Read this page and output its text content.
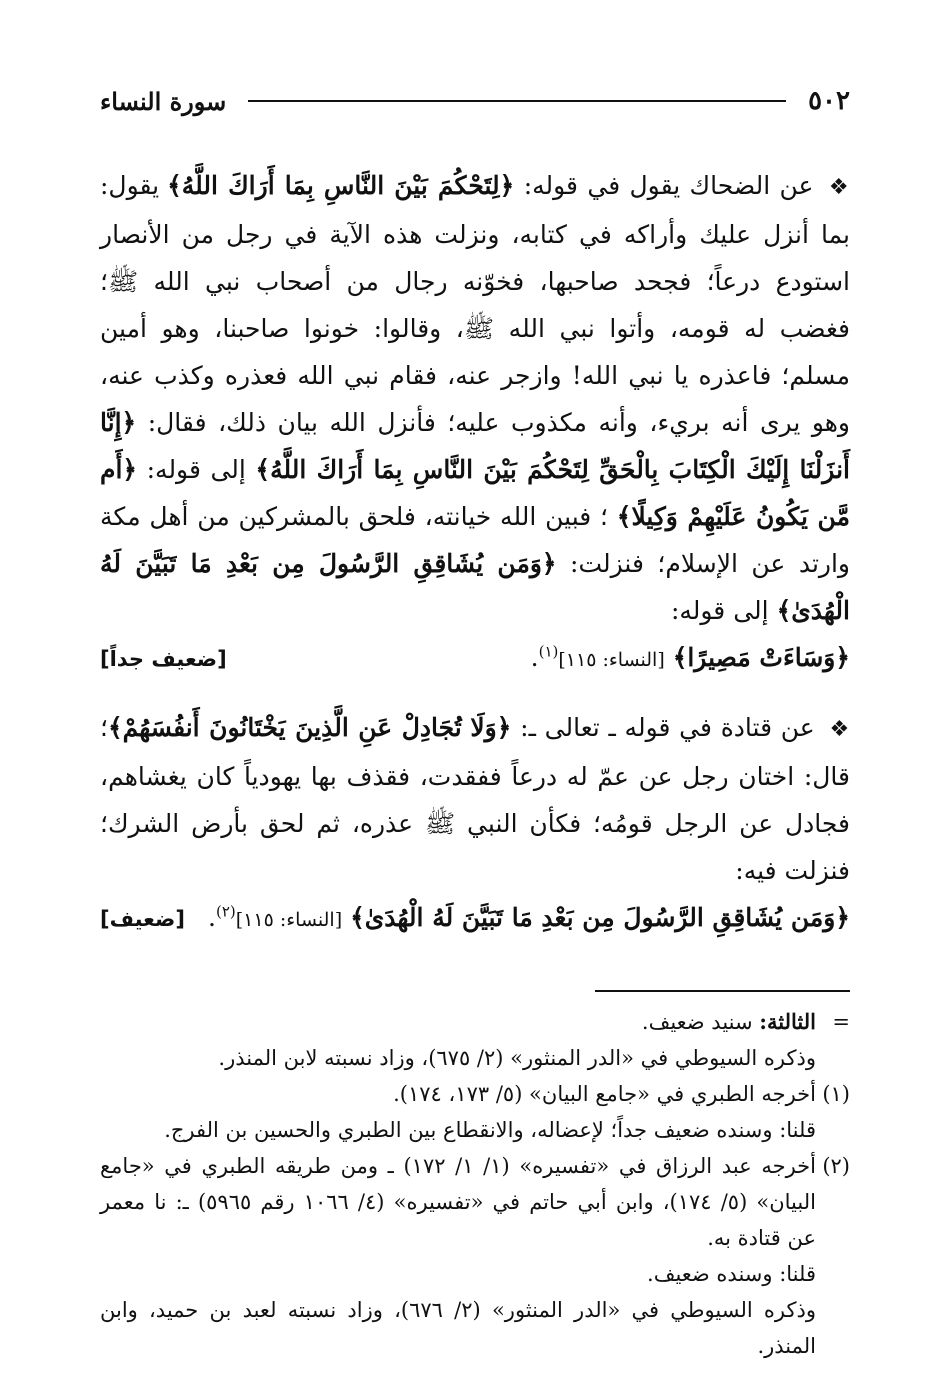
٥٠٢
سورة النساء
❖ عن الضحاك يقول في قوله: ﴿لِتَحْكُمَ بَيْنَ النَّاسِ بِمَا أَرَاكَ اللَّهُ﴾ يقول: بما أنزل عليك وأراكه في كتابه، ونزلت هذه الآية في رجل من الأنصار استودع درعاً؛ فجحد صاحبها، فخوّنه رجال من أصحاب نبي الله ﷺ؛ فغضب له قومه، وأتوا نبي الله ﷺ، وقالوا: خونوا صاحبنا، وهو أمين مسلم؛ فاعذره يا نبي الله! وازجر عنه، فقام نبي الله فعذره وكذب عنه، وهو يرى أنه بريء، وأنه مكذوب عليه؛ فأنزل الله بيان ذلك، فقال: ﴿إِنَّا أَنزَلْنَا إِلَيْكَ الْكِتَابَ بِالْحَقِّ لِتَحْكُمَ بَيْنَ النَّاسِ بِمَا أَرَاكَ اللَّهُ﴾ إلى قوله: ﴿أَم مَّن يَكُونُ عَلَيْهِمْ وَكِيلًا﴾ ؛ فبين الله خيانته، فلحق بالمشركين من أهل مكة وارتد عن الإسلام؛ فنزلت: ﴿وَمَن يُشَاقِقِ الرَّسُولَ مِن بَعْدِ مَا تَبَيَّنَ لَهُ الْهُدَىٰ﴾ إلى قوله:
﴿وَسَاءَتْ مَصِيرًا﴾ [النساء: ١١٥]$^{(١)}$.
[ضعيف جداً]
❖ عن قتادة في قوله ـ تعالى ـ: ﴿وَلَا تُجَادِلْ عَنِ الَّذِينَ يَخْتَانُونَ أَنفُسَهُمْ﴾؛ قال: اختان رجل عن عمّ له درعاً ففقدت، فقذف بها يهودياً كان يغشاهم، فجادل عن الرجل قومُه؛ فكأن النبي ﷺ عذره، ثم لحق بأرض الشرك؛ فنزلت فيه:
﴿وَمَن يُشَاقِقِ الرَّسُولَ مِن بَعْدِ مَا تَبَيَّنَ لَهُ الْهُدَىٰ﴾ [النساء: ١١٥]$^{(٢)}$.
[ضعيف]
=

الثالثة: سنيد ضعيف.

وذكره السيوطي في «الدر المنثور» (٢/ ٦٧٥)، وزاد نسبته لابن المنذر.

(١)

أخرجه الطبري في «جامع البيان» (٥/ ١٧٣، ١٧٤).

قلنا: وسنده ضعيف جداً؛ لإعضاله، والانقطاع بين الطبري والحسين بن الفرج.

(٢)

أخرجه عبد الرزاق في «تفسيره» (١/ ١/ ١٧٢) ـ ومن طريقه الطبري في «جامع البيان» (٥/ ١٧٤)، وابن أبي حاتم في «تفسيره» (٤/ ١٠٦٦ رقم ٥٩٦٥) ـ: نا معمر عن قتادة به.

قلنا: وسنده ضعيف.

وذكره السيوطي في «الدر المنثور» (٢/ ٦٧٦)، وزاد نسبته لعبد بن حميد، وابن المنذر.
